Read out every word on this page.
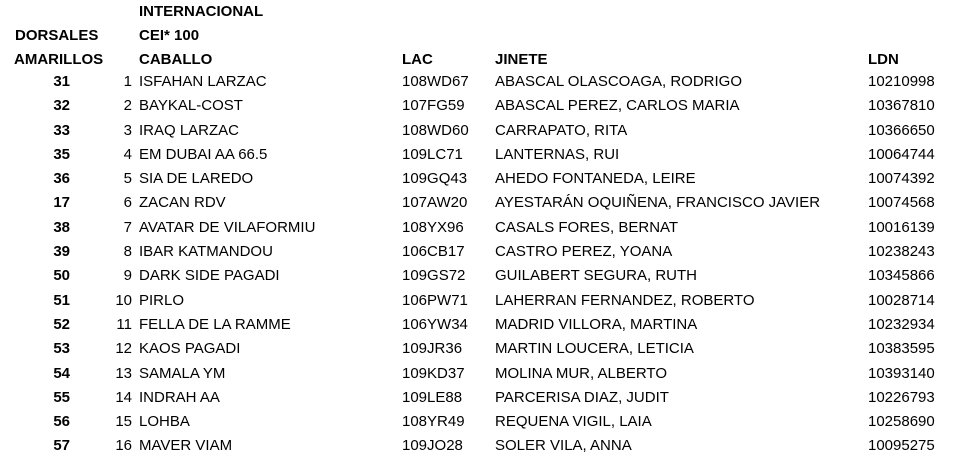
INTERNACIONAL
CEI* 100
DORSALES
AMARILLOS CABALLO	LAC	JINETE	LDN
31	1 ISFAHAN LARZAC	108WD67 ABASCAL OLASCOAGA, RODRIGO	10210998
32	2 BAYKAL-COST	107FG59 ABASCAL PEREZ, CARLOS MARIA	10367810
33	3 IRAQ LARZAC	108WD60 CARRAPATO, RITA	10366650
35	4 EM DUBAI AA 66.5	109LC71 LANTERNAS, RUI	10064744
36	5 SIA DE LAREDO	109GQ43 AHEDO FONTANEDA, LEIRE	10074392
17	6 ZACAN RDV	107AW20 AYESTARÁN OQUIÑENA, FRANCISCO JAVIER	10074568
38	7 AVATAR DE VILAFORMIU	108YX96 CASALS FORES, BERNAT	10016139
39	8 IBAR KATMANDOU	106CB17 CASTRO PEREZ, YOANA	10238243
50	9 DARK SIDE PAGADI	109GS72 GUILABERT SEGURA, RUTH	10345866
51	10 PIRLO	106PW71 LAHERRAN FERNANDEZ, ROBERTO	10028714
52	11 FELLA DE LA RAMME	106YW34 MADRID VILLORA, MARTINA	10232934
53	12 KAOS PAGADI	109JR36 MARTIN LOUCERA, LETICIA	10383595
54	13 SAMALA YM	109KD37 MOLINA MUR, ALBERTO	10393140
55	14 INDRAH AA	109LE88 PARCERISA DIAZ, JUDIT	10226793
56	15 LOHBA	108YR49 REQUENA VIGIL, LAIA	10258690
57	16 MAVER VIAM	109JO28 SOLER VILA, ANNA	10095275
